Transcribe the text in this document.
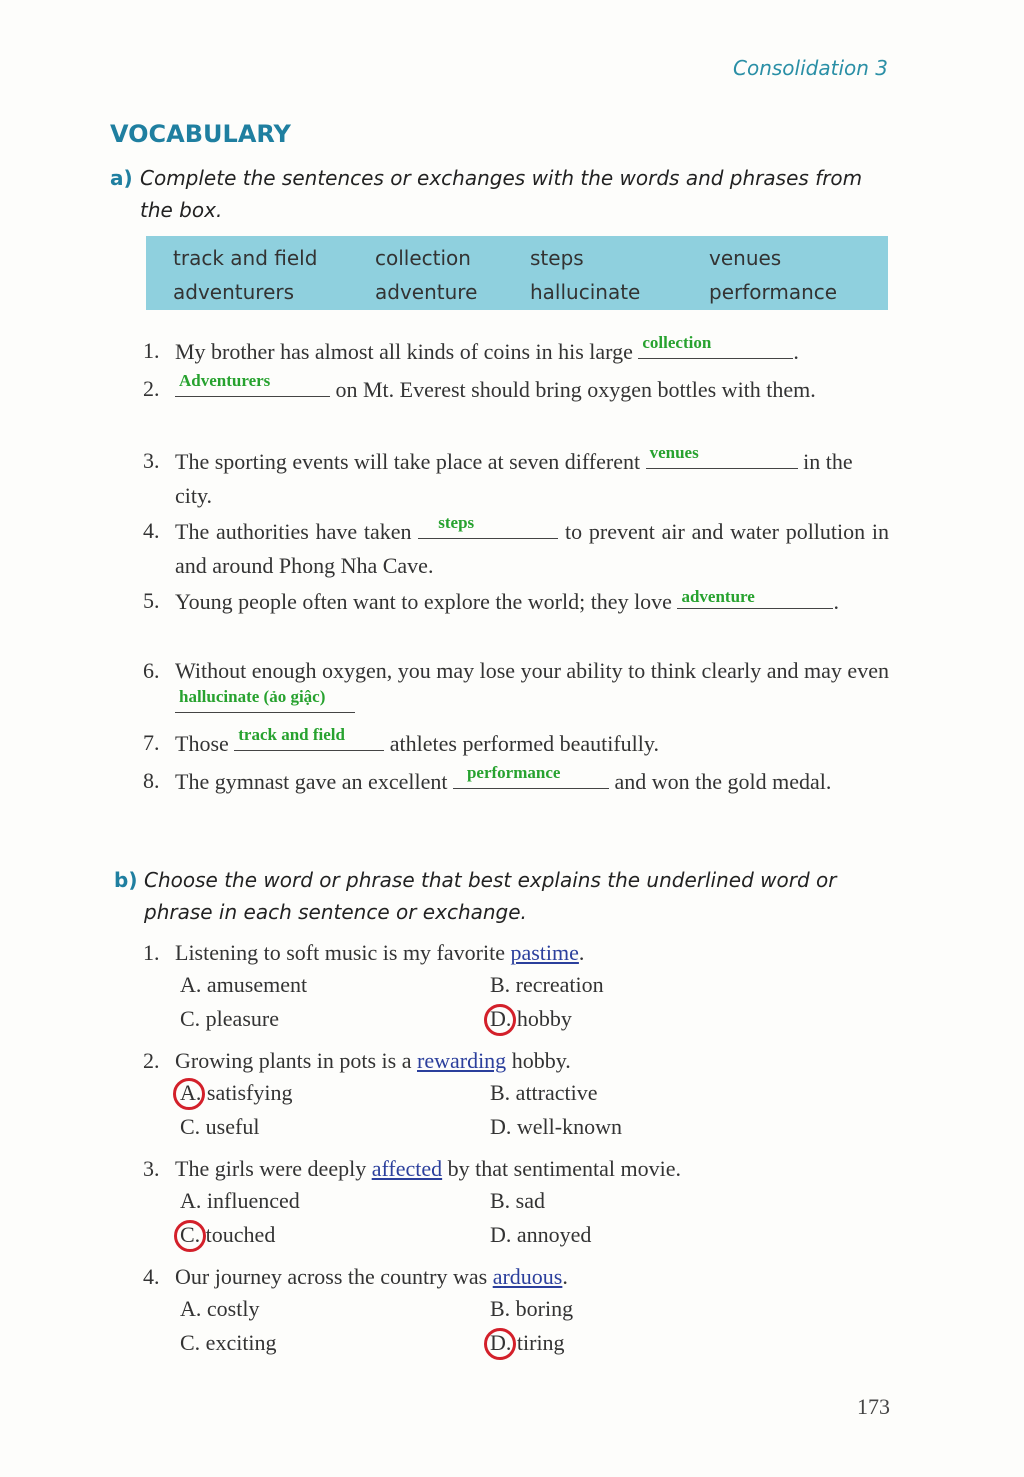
Consolidation 3
VOCABULARY
a) Complete the sentences or exchanges with the words and phrases from the box.
track and field	collection	steps	venues
adventurers	adventure	hallucinate	performance
1. My brother has almost all kinds of coins in his large collection	.
2. Adventurers	on Mt. Everest should bring oxygen bottles with them.
3. The sporting events will take place at seven different venues	in the city.
4. The authorities have taken steps	to prevent air and water pollution in and around Phong Nha Cave.
5. Young people often want to explore the world; they love adventure	.
6. Without enough oxygen, you may lose your ability to think clearly and may even
hallucinate (ảo giậc)
7. Those track and field athletes performed beautifully.
8. The gymnast gave an excellent performance and won the gold medal.
b) Choose the word or phrase that best explains the underlined word or phrase in each sentence or exchange.
1. Listening to soft music is my favorite pastime.
A. amusement	B. recreation
C. pleasure	D. hobby
2. Growing plants in pots is a rewarding hobby.
A. satisfying	B. attractive
C. useful	D. well-known
3. The girls were deeply affected by that sentimental movie.
A. influenced	B. sad
C. touched	D. annoyed
4. Our journey across the country was arduous.
A. costly	B. boring
C. exciting	D. tiring
173
